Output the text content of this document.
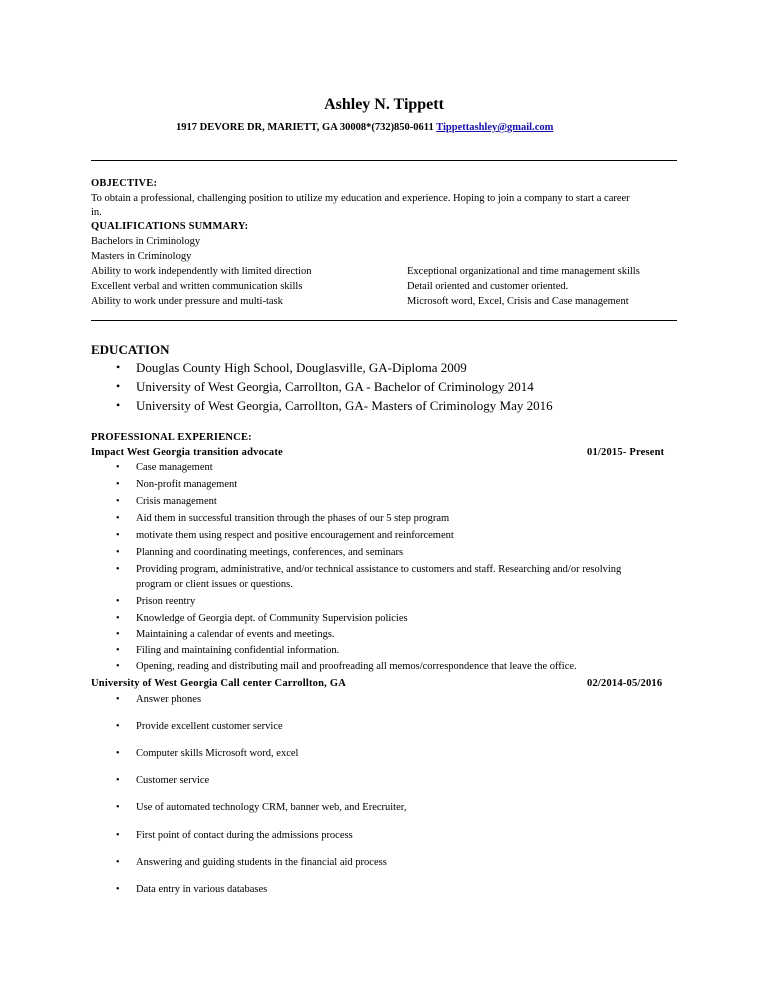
Ashley N. Tippett
1917 DEVORE DR, MARIETT, GA 30008*(732)850-0611 Tippettashley@gmail.com
OBJECTIVE:
To obtain a professional, challenging position to utilize my education and experience. Hoping to join a company to start a career
in.
QUALIFICATIONS SUMMARY:
Bachelors in Criminology
Masters in Criminology
Ability to work independently with limited direction
Excellent verbal and written communication skills
Ability to work under pressure and multi-task
Exceptional organizational and time management skills
Detail oriented and customer oriented.
Microsoft word, Excel, Crisis and Case management
EDUCATION
• Douglas County High School, Douglasville, GA-Diploma 2009
• University of West Georgia, Carrollton, GA - Bachelor of Criminology 2014
• University of West Georgia, Carrollton, GA- Masters of Criminology May 2016
PROFESSIONAL EXPERIENCE:
Impact West Georgia transition advocate	01/2015- Present
• Case management
• Non-profit management
• Crisis management
• Aid them in successful transition through the phases of our 5 step program
• motivate them using respect and positive encouragement and reinforcement
• Planning and coordinating meetings, conferences, and seminars
• Providing program, administrative, and/or technical assistance to customers and staff. Researching and/or resolving
program or client issues or questions.
• Prison reentry
• Knowledge of Georgia dept. of Community Supervision policies
• Maintaining a calendar of events and meetings.
• Filing and maintaining confidential information.
• Opening, reading and distributing mail and proofreading all memos/correspondence that leave the office.
University of West Georgia Call center Carrollton, GA	02/2014-05/2016
• Answer phones
• Provide excellent customer service
• Computer skills Microsoft word, excel
• Customer service
• Use of automated technology CRM, banner web, and Erecruiter,
• First point of contact during the admissions process
• Answering and guiding students in the financial aid process
• Data entry in various databases
